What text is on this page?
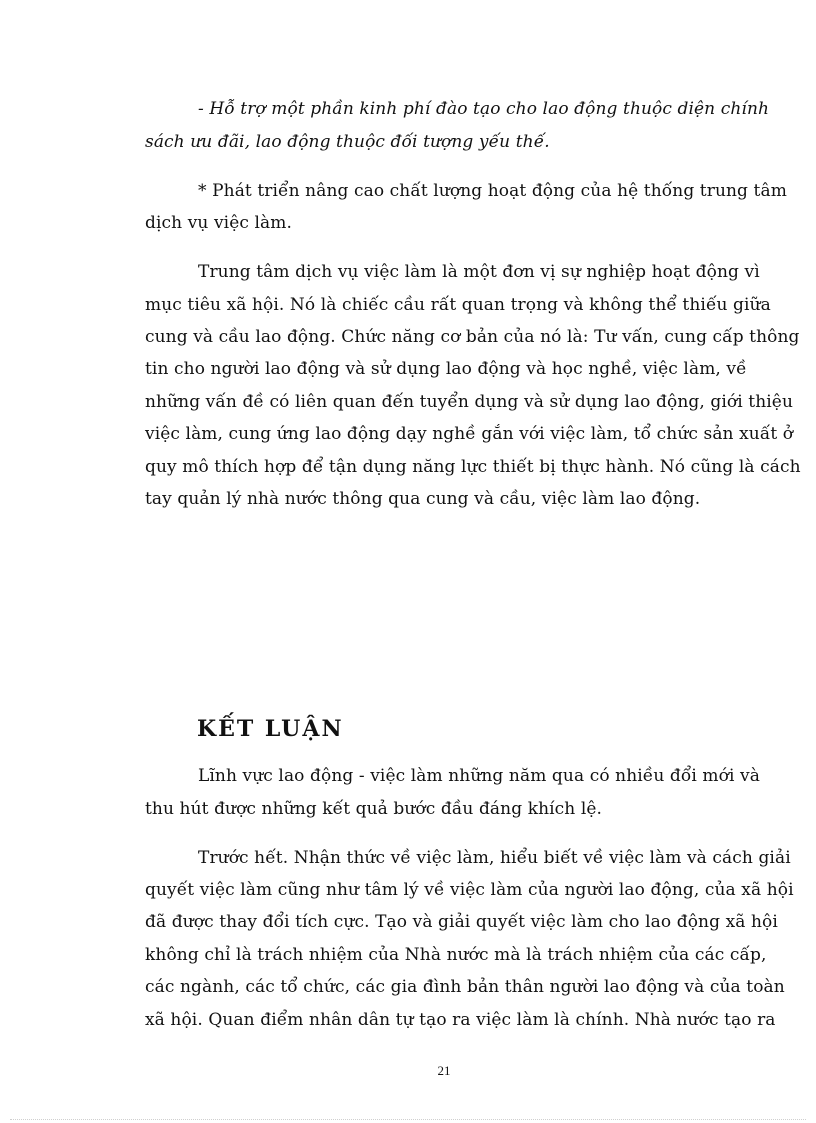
- Hỗ trợ một phần kinh phí đào tạo cho lao động thuộc diện chính
sách ưu đãi, lao động thuộc đối tượng yếu thế.
* Phát triển nâng cao chất lượng hoạt động của hệ thống trung tâm
dịch vụ việc làm.
Trung tâm dịch vụ việc làm là một đơn vị sự nghiệp hoạt động vì
mục tiêu xã hội. Nó là chiếc cầu rất quan trọng và không thể thiếu giữa
cung và cầu lao động. Chức năng cơ bản của nó là: Tư vấn, cung cấp thông
tin cho người lao động và sử dụng lao động và học nghề, việc làm, về
những vấn đề có liên quan đến tuyển dụng và sử dụng lao động, giới thiệu
việc làm, cung ứng lao động dạy nghề gắn với việc làm, tổ chức sản xuất ở
quy mô thích hợp để tận dụng năng lực thiết bị thực hành. Nó cũng là cách
tay quản lý nhà nước thông qua cung và cầu, việc làm lao động.
KẾT LUẬN
Lĩnh vực lao động - việc làm những năm qua có nhiều đổi mới và
thu hút được những kết quả bước đầu đáng khích lệ.
Trước hết. Nhận thức về việc làm, hiểu biết về việc làm và cách giải
quyết việc làm cũng như tâm lý về việc làm của người lao động, của xã hội
đã được thay đổi tích cực. Tạo và giải quyết việc làm cho lao động xã hội
không chỉ là trách nhiệm của Nhà nước mà là trách nhiệm của các cấp,
các ngành, các tổ chức, các gia đình bản thân người lao động và của toàn
xã hội. Quan điểm nhân dân tự tạo ra việc làm là chính. Nhà nước tạo ra
21
